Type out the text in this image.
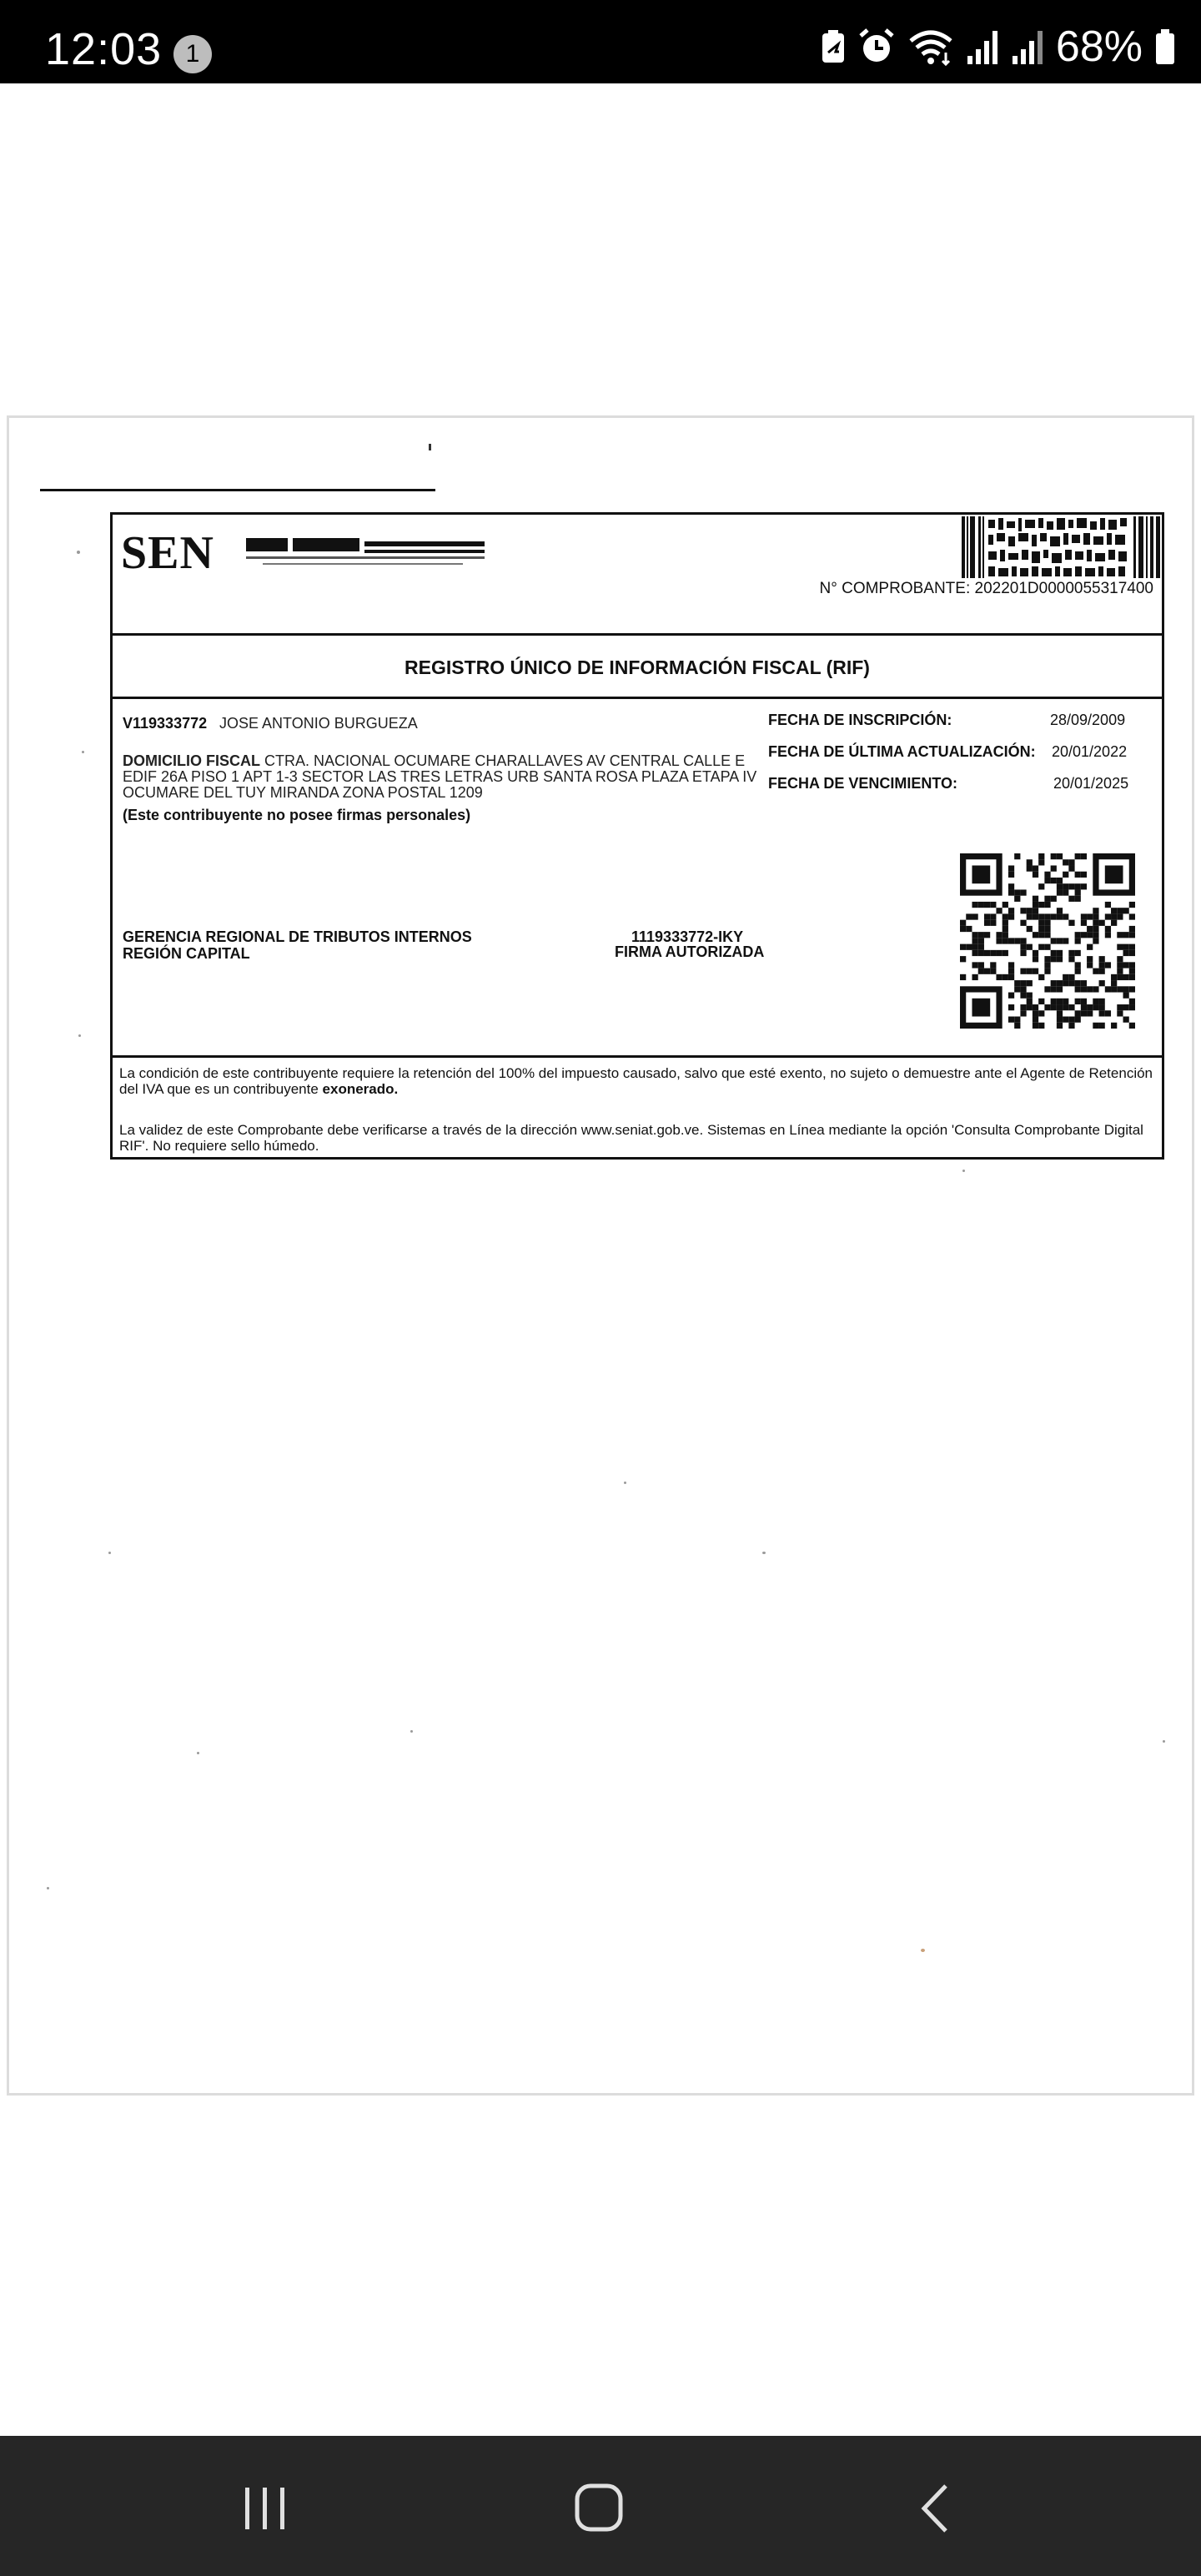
12:03 1	68%
SEN
N° COMPROBANTE: 202201D0000055317400
REGISTRO ÚNICO DE INFORMACIÓN FISCAL (RIF)
V119333772 JOSE ANTONIO BURGUEZA
DOMICILIO FISCAL CTRA. NACIONAL OCUMARE CHARALLAVES AV CENTRAL CALLE E EDIF 26A PISO 1 APT 1-3 SECTOR LAS TRES LETRAS URB SANTA ROSA PLAZA ETAPA IV OCUMARE DEL TUY MIRANDA ZONA POSTAL 1209
(Este contribuyente no posee firmas personales)
FECHA DE INSCRIPCIÓN:	28/09/2009
FECHA DE ÚLTIMA ACTUALIZACIÓN: 20/01/2022
FECHA DE VENCIMIENTO:	20/01/2025
GERENCIA REGIONAL DE TRIBUTOS INTERNOS
REGIÓN CAPITAL
1119333772-IKY
FIRMA AUTORIZADA
La condición de este contribuyente requiere la retención del 100% del impuesto causado, salvo que esté exento, no sujeto o demuestre ante el Agente de Retención del IVA que es un contribuyente exonerado.
La validez de este Comprobante debe verificarse a través de la dirección www.seniat.gob.ve. Sistemas en Línea mediante la opción 'Consulta Comprobante Digital RIF'. No requiere sello húmedo.
